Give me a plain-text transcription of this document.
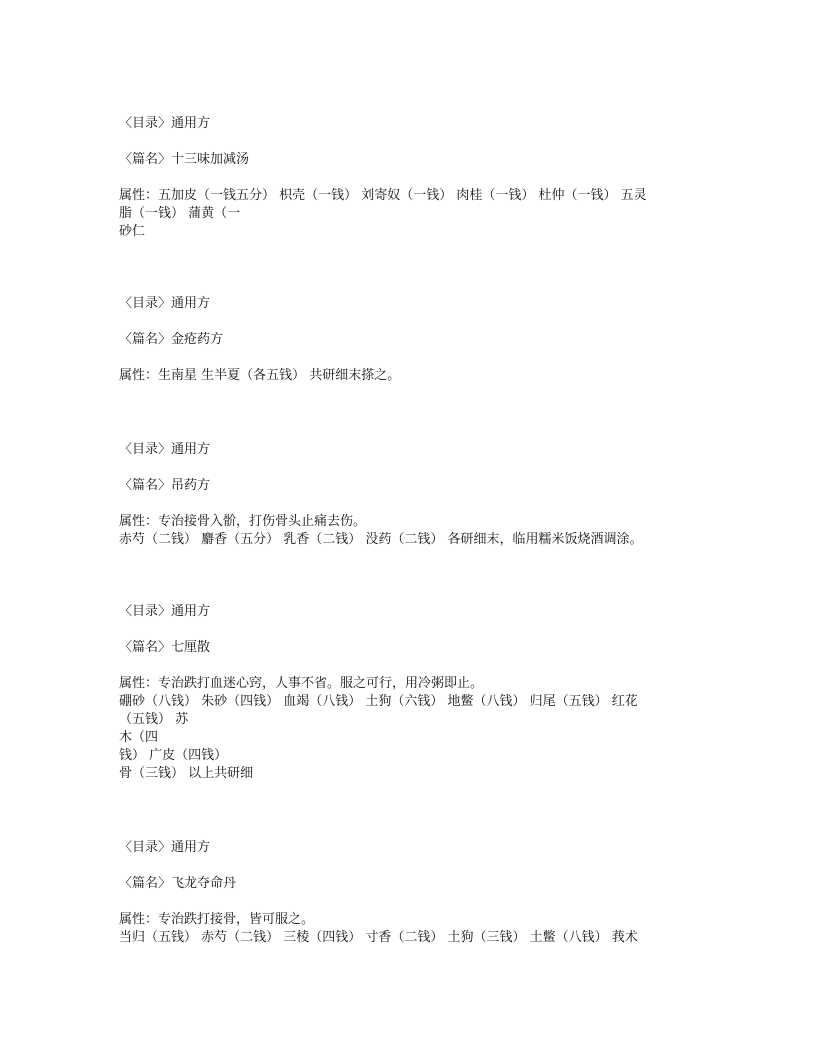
〈目录〉通用方
〈篇名〉十三味加减汤
属性：五加皮（一钱五分） 枳壳（一钱） 刘寄奴（一钱） 肉桂（一钱） 杜仲（一钱） 五灵
脂（一钱） 蒲黄（一
砂仁
〈目录〉通用方
〈篇名〉金疮药方
属性：生南星 生半夏（各五钱） 共研细末搽之。
〈目录〉通用方
〈篇名〉吊药方
属性：专治接骨入骱，打伤骨头止痛去伤。
赤芍（二钱） 麝香（五分） 乳香（二钱） 没药（二钱） 各研细末，临用糯米饭烧酒调涂。
〈目录〉通用方
〈篇名〉七厘散
属性：专治跌打血迷心窍，人事不省。服之可行，用冷粥即止。
硼砂（八钱） 朱砂（四钱） 血竭（八钱） 土狗（六钱） 地鳖（八钱） 归尾（五钱） 红花
（五钱） 苏
木（四
钱） 广皮（四钱）
骨（三钱） 以上共研细
〈目录〉通用方
〈篇名〉飞龙夺命丹
属性：专治跌打接骨，皆可服之。
当归（五钱） 赤芍（二钱） 三棱（四钱） 寸香（二钱） 土狗（三钱） 土鳖（八钱） 莪术
